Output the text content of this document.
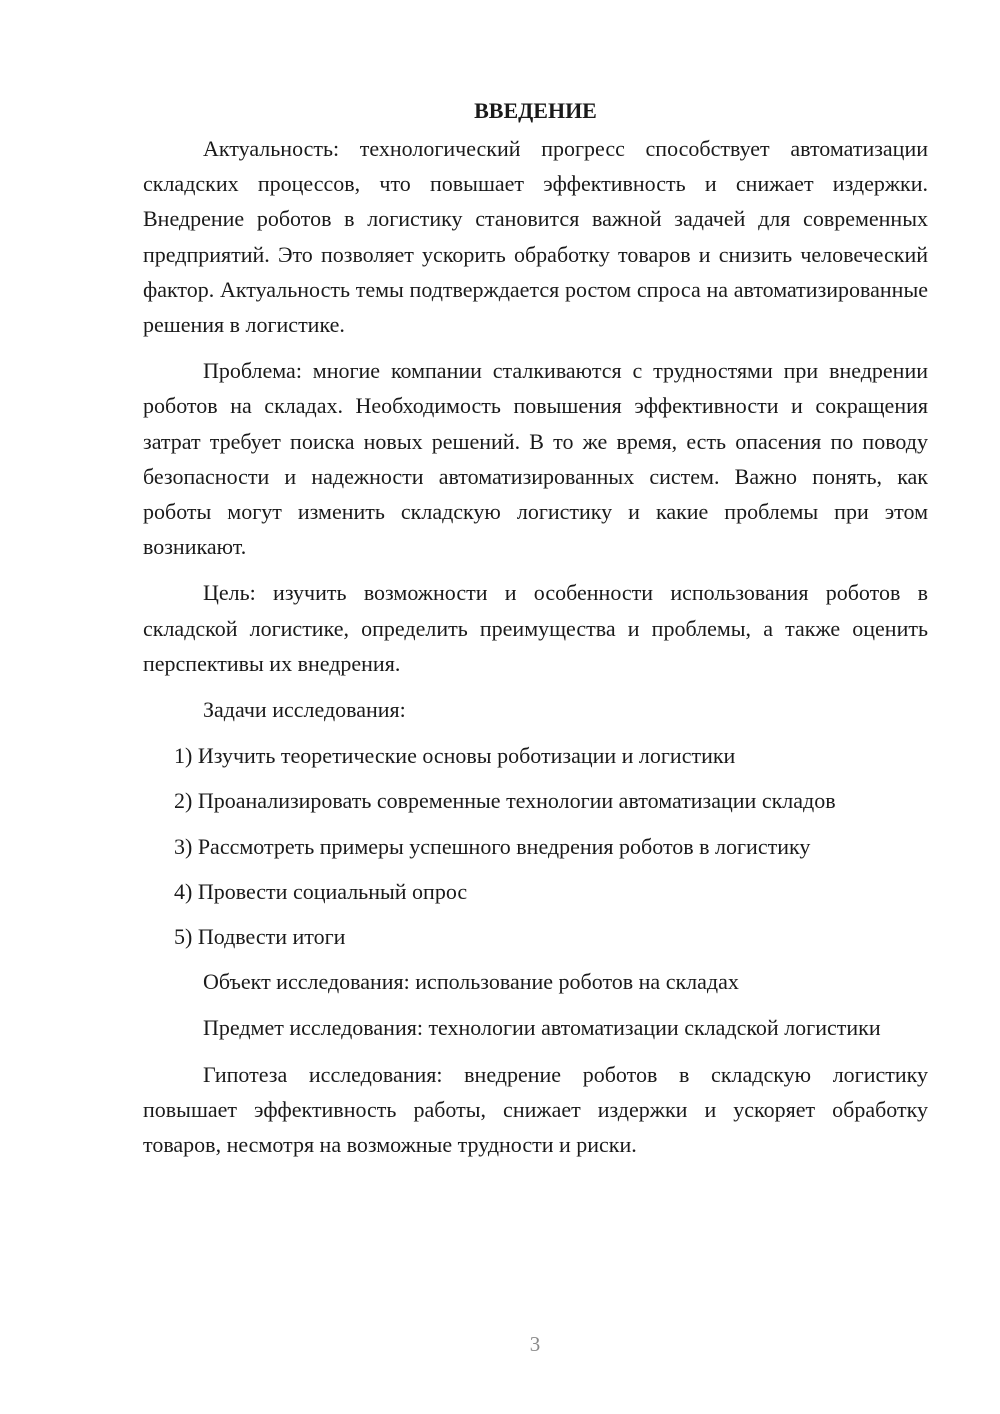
ВВЕДЕНИЕ

Актуальность: технологический прогресс способствует автоматизации складских процессов, что повышает эффективность и снижает издержки. Внедрение роботов в логистику становится важной задачей для современных предприятий. Это позволяет ускорить обработку товаров и снизить человеческий фактор. Актуальность темы подтверждается ростом спроса на автоматизированные решения в логистике.

Проблема: многие компании сталкиваются с трудностями при внедрении роботов на складах. Необходимость повышения эффективности и сокращения затрат требует поиска новых решений. В то же время, есть опасения по поводу безопасности и надежности автоматизированных систем. Важно понять, как роботы могут изменить складскую логистику и какие проблемы при этом возникают.

Цель: изучить возможности и особенности использования роботов в складской логистике, определить преимущества и проблемы, а также оценить перспективы их внедрения.

Задачи исследования:

1) Изучить теоретические основы роботизации и логистики

2) Проанализировать современные технологии автоматизации складов

3) Рассмотреть примеры успешного внедрения роботов в логистику

4) Провести социальный опрос

5) Подвести итоги

Объект исследования: использование роботов на складах

Предмет исследования: технологии автоматизации складской логистики

Гипотеза исследования: внедрение роботов в складскую логистику повышает эффективность работы, снижает издержки и ускоряет обработку товаров, несмотря на возможные трудности и риски.

3
